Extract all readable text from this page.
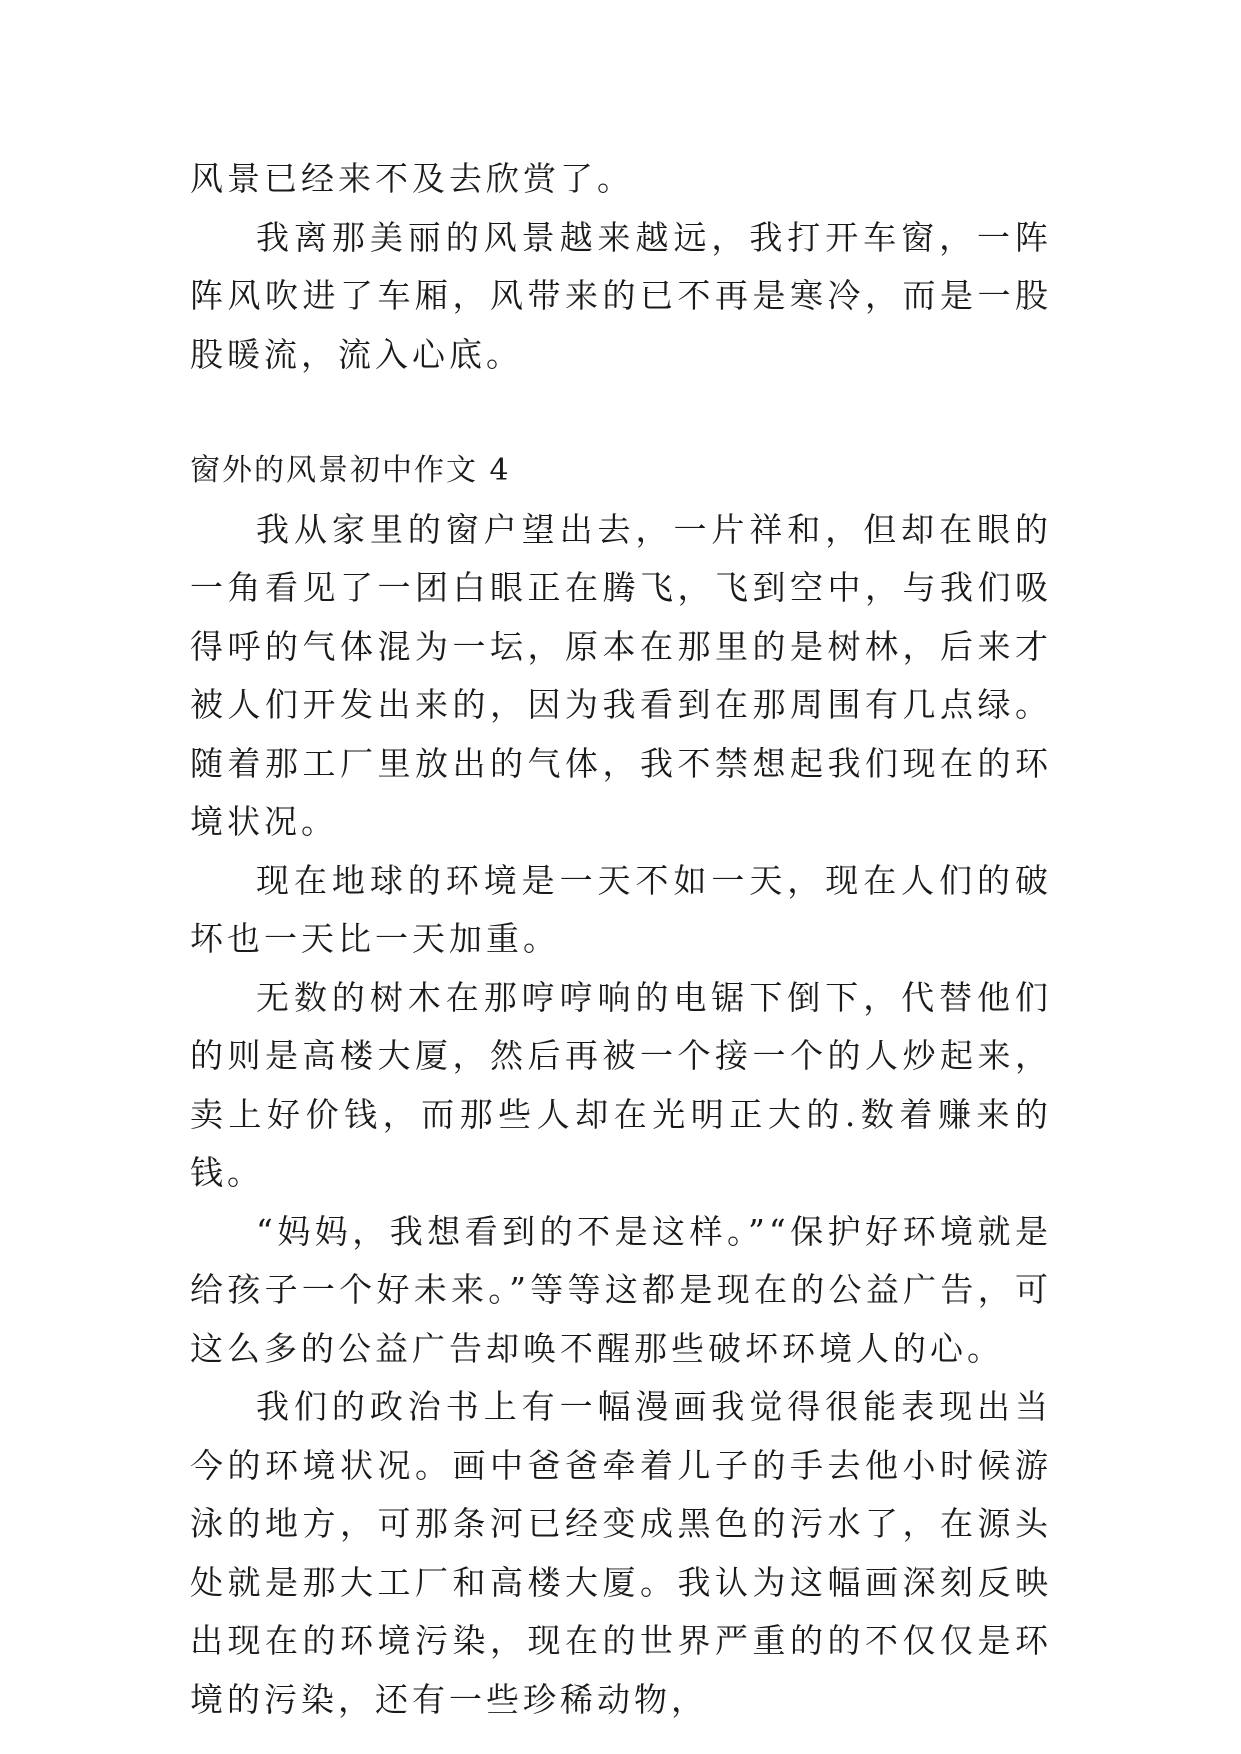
风景已经来不及去欣赏了。

我离那美丽的风景越来越远，我打开车窗，一阵阵风吹进了车厢，风带来的已不再是寒冷，而是一股股暖流，流入心底。

窗外的风景初中作文 4

我从家里的窗户望出去，一片祥和，但却在眼的一角看见了一团白眼正在腾飞，飞到空中，与我们吸得呼的气体混为一坛，原本在那里的是树林，后来才被人们开发出来的，因为我看到在那周围有几点绿。随着那工厂里放出的气体，我不禁想起我们现在的环境状况。

现在地球的环境是一天不如一天，现在人们的破坏也一天比一天加重。

无数的树木在那哼哼响的电锯下倒下，代替他们的则是高楼大厦，然后再被一个接一个的人炒起来，卖上好价钱，而那些人却在光明正大的.数着赚来的钱。

“妈妈，我想看到的不是这样。”“保护好环境就是给孩子一个好未来。”等等这都是现在的公益广告，可这么多的公益广告却唤不醒那些破坏环境人的心。

我们的政治书上有一幅漫画我觉得很能表现出当今的环境状况。画中爸爸牵着儿子的手去他小时候游泳的地方，可那条河已经变成黑色的污水了，在源头处就是那大工厂和高楼大厦。我认为这幅画深刻反映出现在的环境污染，现在的世界严重的的不仅仅是环境的污染，还有一些珍稀动物，
